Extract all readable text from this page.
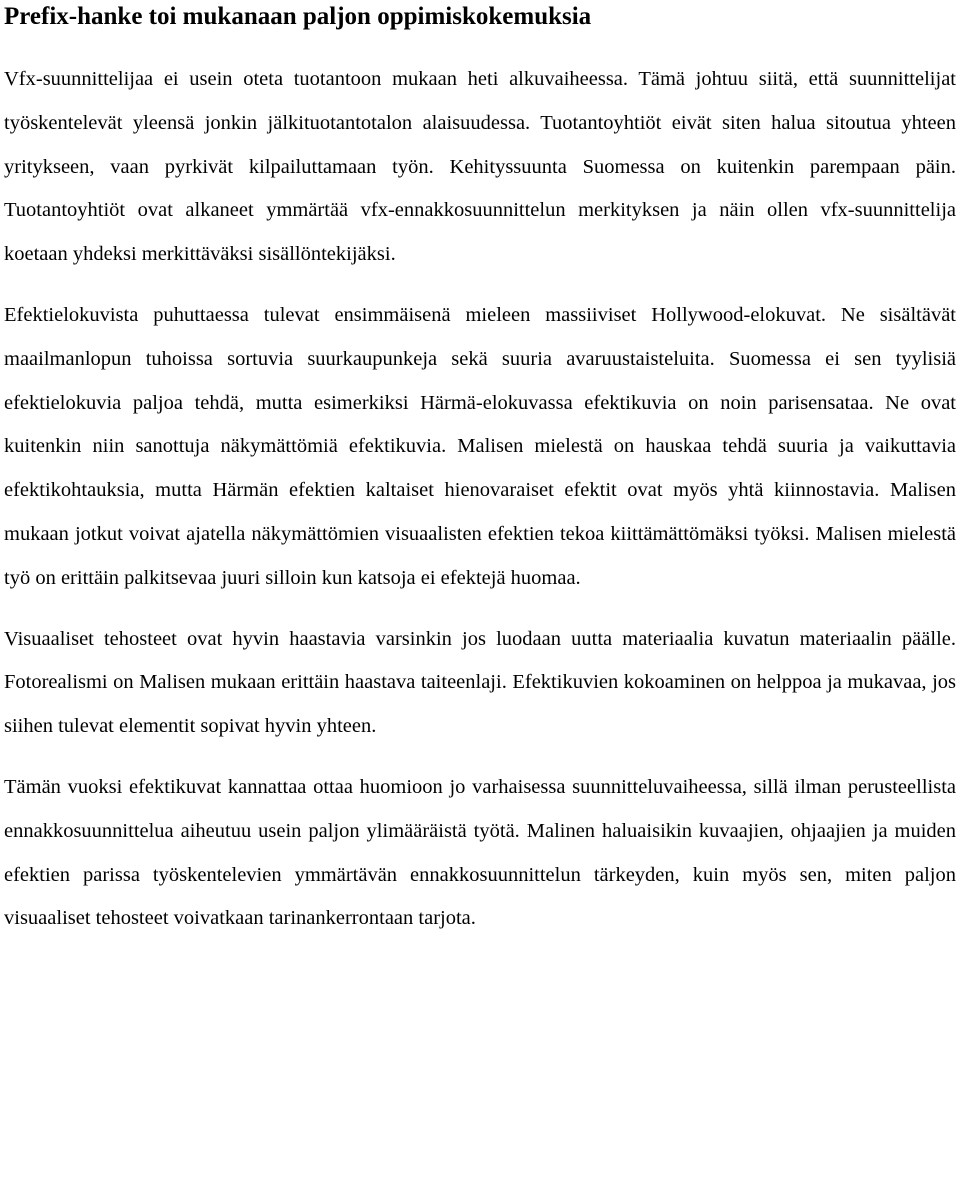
Prefix-hanke toi mukanaan paljon oppimiskokemuksia

Vfx-suunnittelijaa ei usein oteta tuotantoon mukaan heti alkuvaiheessa. Tämä johtuu siitä, että suunnittelijat työskentelevät yleensä jonkin jälkituotantotalon alaisuudessa. Tuotantoyhtiöt eivät siten halua sitoutua yhteen yritykseen, vaan pyrkivät kilpailuttamaan työn. Kehityssuunta Suomessa on kuitenkin parempaan päin. Tuotantoyhtiöt ovat alkaneet ymmärtää vfx-ennakkosuunnittelun merkityksen ja näin ollen vfx-suunnittelija koetaan yhdeksi merkittäväksi sisällöntekijäksi.

Efektielokuvista puhuttaessa tulevat ensimmäisenä mieleen massiiviset Hollywood-elokuvat. Ne sisältävät maailmanlopun tuhoissa sortuvia suurkaupunkeja sekä suuria avaruustaisteluita. Suomessa ei sen tyylisiä efektielokuvia paljoa tehdä, mutta esimerkiksi Härmä-elokuvassa efektikuvia on noin parisensataa. Ne ovat kuitenkin niin sanottuja näkymättömiä efektikuvia. Malisen mielestä on hauskaa tehdä suuria ja vaikuttavia efektikohtauksia, mutta Härmän efektien kaltaiset hienovaraiset efektit ovat myös yhtä kiinnostavia. Malisen mukaan jotkut voivat ajatella näkymättömien visuaalisten efektien tekoa kiittämättömäksi työksi. Malisen mielestä työ on erittäin palkitsevaa juuri silloin kun katsoja ei efektejä huomaa.

Visuaaliset tehosteet ovat hyvin haastavia varsinkin jos luodaan uutta materiaalia kuvatun materiaalin päälle. Fotorealismi on Malisen mukaan erittäin haastava taiteenlaji. Efektikuvien kokoaminen on helppoa ja mukavaa, jos siihen tulevat elementit sopivat hyvin yhteen.

Tämän vuoksi efektikuvat kannattaa ottaa huomioon jo varhaisessa suunnitteluvaiheessa, sillä ilman perusteellista ennakkosuunnittelua aiheutuu usein paljon ylimääräistä työtä. Malinen haluaisikin kuvaajien, ohjaajien ja muiden efektien parissa työskentelevien ymmärtävän ennakkosuunnittelun tärkeyden, kuin myös sen, miten paljon visuaaliset tehosteet voivatkaan tarinankerrontaan tarjota.
